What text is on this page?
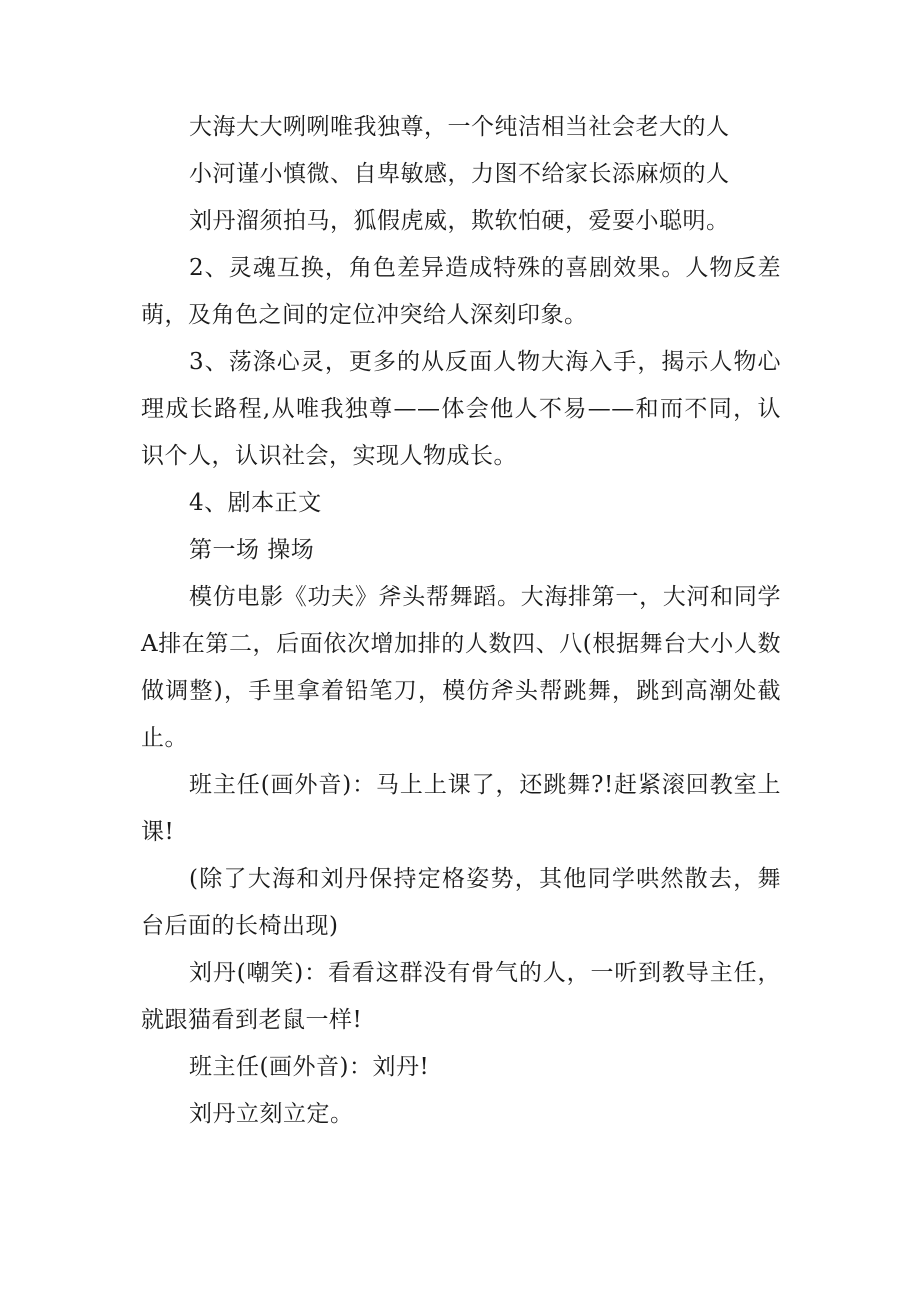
大海大大咧咧唯我独尊，一个纯洁相当社会老大的人

小河谨小慎微、自卑敏感，力图不给家长添麻烦的人

刘丹溜须拍马，狐假虎威，欺软怕硬，爱耍小聪明。

2、灵魂互换，角色差异造成特殊的喜剧效果。人物反差萌，及角色之间的定位冲突给人深刻印象。

3、荡涤心灵，更多的从反面人物大海入手，揭示人物心理成长路程,从唯我独尊——体会他人不易——和而不同，认识个人，认识社会，实现人物成长。

4、剧本正文

第一场 操场

模仿电影《功夫》斧头帮舞蹈。大海排第一，大河和同学A排在第二，后面依次增加排的人数四、八(根据舞台大小人数做调整)，手里拿着铅笔刀，模仿斧头帮跳舞，跳到高潮处截止。

班主任(画外音)：马上上课了，还跳舞?!赶紧滚回教室上课!

(除了大海和刘丹保持定格姿势，其他同学哄然散去，舞台后面的长椅出现)

刘丹(嘲笑)：看看这群没有骨气的人，一听到教导主任，就跟猫看到老鼠一样!

班主任(画外音)：刘丹!

刘丹立刻立定。
